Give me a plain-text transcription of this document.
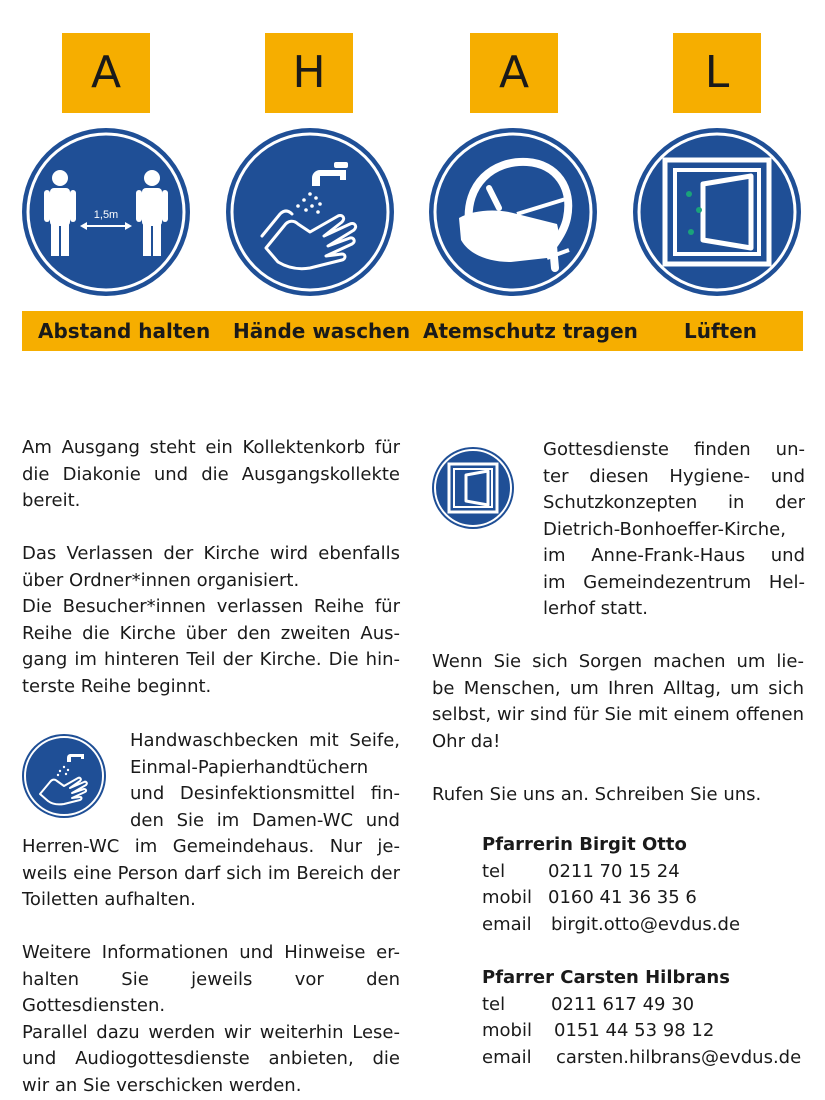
A	H	A	L
1,5m
Abstand halten Hände waschen Atemschutz tragen Lüften
Am Ausgang steht ein Kollektenkorb für
die Diakonie und die Ausgangskollekte
bereit.
Das Verlassen der Kirche wird ebenfalls
über Ordner*innen organisiert.
Die Besucher*innen verlassen Reihe für
Reihe die Kirche über den zweiten Aus-
gang im hinteren Teil der Kirche. Die hin-
terste Reihe beginnt.
Handwaschbecken mit Seife,
Einmal-Papierhandtüchern
und Desinfektionsmittel fin-
den Sie im Damen-WC und
Herren-WC im Gemeindehaus. Nur je-
weils eine Person darf sich im Bereich der
Toiletten aufhalten.
Weitere Informationen und Hinweise er-
halten Sie jeweils vor den Gottesdiensten.
Parallel dazu werden wir weiterhin Lese-
und Audiogottesdienste anbieten, die
wir an Sie verschicken werden.
Gottesdienste finden un-
ter diesen Hygiene- und
Schutzkonzepten in der
Dietrich-Bonhoeffer-Kirche,
im Anne-Frank-Haus und
im Gemeindezentrum Hel-
lerhof statt.
Wenn Sie sich Sorgen machen um lie-
be Menschen, um Ihren Alltag, um sich
selbst, wir sind für Sie mit einem offenen
Ohr da!
Rufen Sie uns an. Schreiben Sie uns.
Pfarrerin Birgit Otto
tel 0211 70 15 24
mobil 0160 41 36 35 6
email birgit.otto@evdus.de
Pfarrer Carsten Hilbrans
tel	0211 617 49 30
mobil 0151 44 53 98 12
email carsten.hilbrans@evdus.de
